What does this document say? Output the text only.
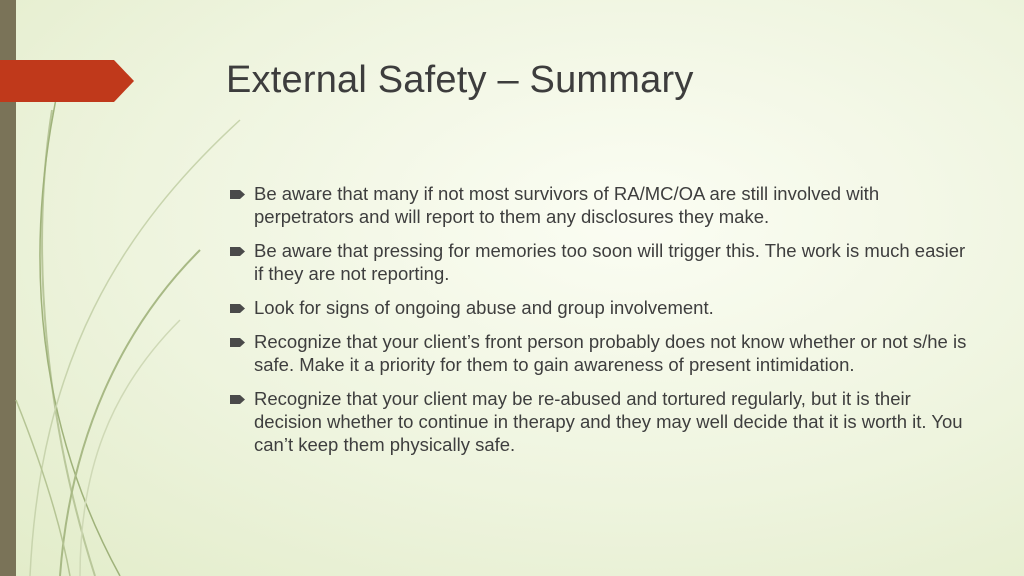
External Safety – Summary
Be aware that many if not most survivors of RA/MC/OA are still involved with perpetrators and will report to them any disclosures they make.
Be aware that pressing for memories too soon will trigger this. The work is much easier if they are not reporting.
Look for signs of ongoing abuse and group involvement.
Recognize that your client’s front person probably does not know whether or not s/he is safe. Make it a priority for them to gain awareness of present intimidation.
Recognize that your client may be re-abused and tortured regularly, but it is their decision whether to continue in therapy and they may well decide that it is worth it. You can’t keep them physically safe.
